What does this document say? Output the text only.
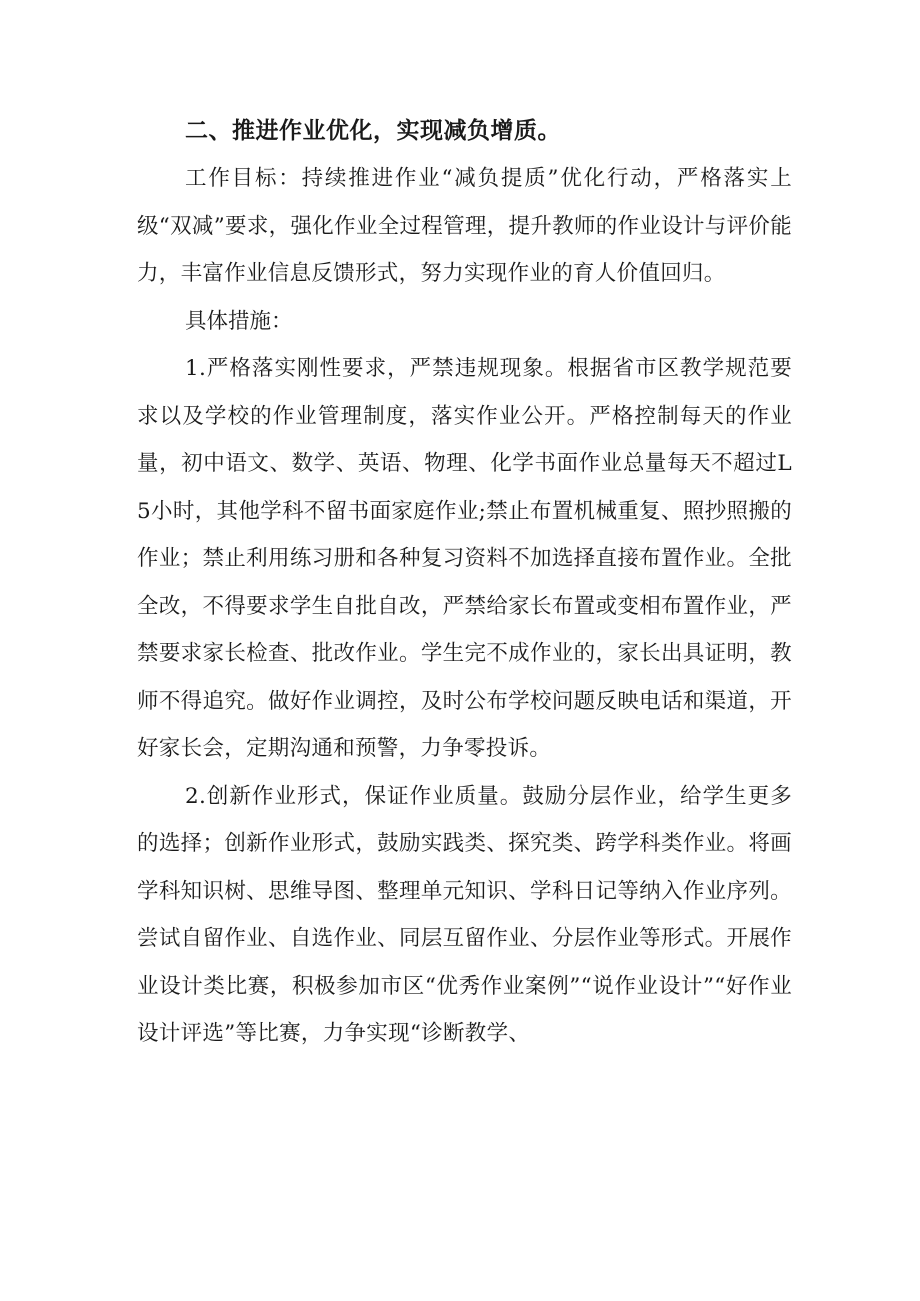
二、推进作业优化，实现减负增质。

工作目标：持续推进作业“减负提质”优化行动，严格落实上级“双减”要求，强化作业全过程管理，提升教师的作业设计与评价能力，丰富作业信息反馈形式，努力实现作业的育人价值回归。

具体措施：

1.严格落实刚性要求，严禁违规现象。根据省市区教学规范要求以及学校的作业管理制度，落实作业公开。严格控制每天的作业量，初中语文、数学、英语、物理、化学书面作业总量每天不超过L5小时，其他学科不留书面家庭作业;禁止布置机械重复、照抄照搬的作业；禁止利用练习册和各种复习资料不加选择直接布置作业。全批全改，不得要求学生自批自改，严禁给家长布置或变相布置作业，严禁要求家长检查、批改作业。学生完不成作业的，家长出具证明，教师不得追究。做好作业调控，及时公布学校问题反映电话和渠道，开好家长会，定期沟通和预警，力争零投诉。

2.创新作业形式，保证作业质量。鼓励分层作业，给学生更多的选择；创新作业形式，鼓励实践类、探究类、跨学科类作业。将画学科知识树、思维导图、整理单元知识、学科日记等纳入作业序列。尝试自留作业、自选作业、同层互留作业、分层作业等形式。开展作业设计类比赛，积极参加市区“优秀作业案例”“说作业设计”“好作业设计评选”等比赛，力争实现“诊断教学、
